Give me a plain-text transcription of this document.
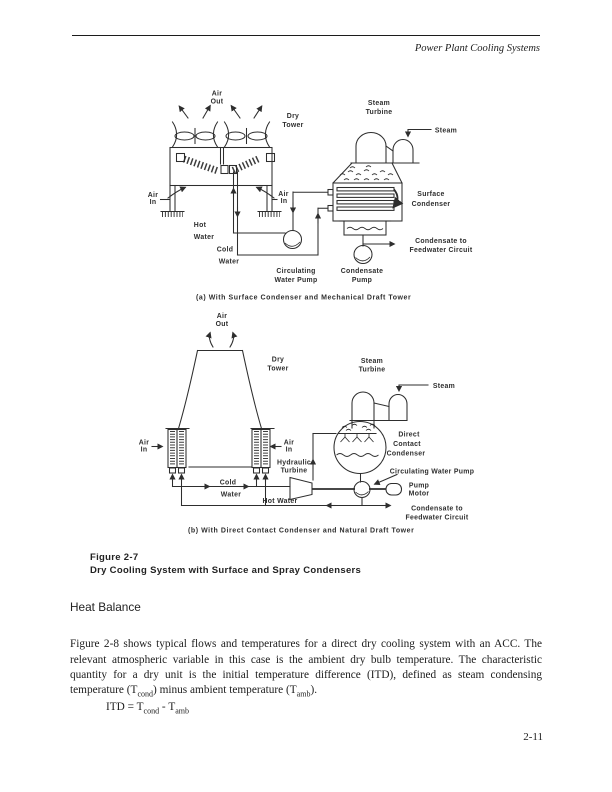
Power Plant Cooling Systems
Air
Out
Dry
Tower
Steam
Turbine
Steam
Air
In
Air
In
Surface
Condenser
Hot
Water
Cold
Water
Circulating
Water Pump
Condensate
Pump
Condensate to
Feedwater Circuit
(a) With Surface Condenser and Mechanical Draft Tower
Air
Out
Dry
Tower
Steam
Turbine
Steam
Air
In
Air
In
Hydraulic
Turbine
Direct
Contact
Condenser
Circulating Water Pump
Pump
Motor
Cold
Water
Hot Water
Condensate to
Feedwater Circuit
(b) With Direct Contact Condenser and Natural Draft Tower
Figure 2-7
Dry Cooling System with Surface and Spray Condensers
Heat Balance

Figure 2-8 shows typical flows and temperatures for a direct dry cooling system with an ACC. The relevant atmospheric variable in this case is the ambient dry bulb temperature. The characteristic quantity for a dry unit is the initial temperature difference (ITD), defined as steam condensing temperature $(T_{cond})$ minus ambient temperature $(T_{amb})$.

ITD = $T_{cond} - T_{amb}$
2-11
